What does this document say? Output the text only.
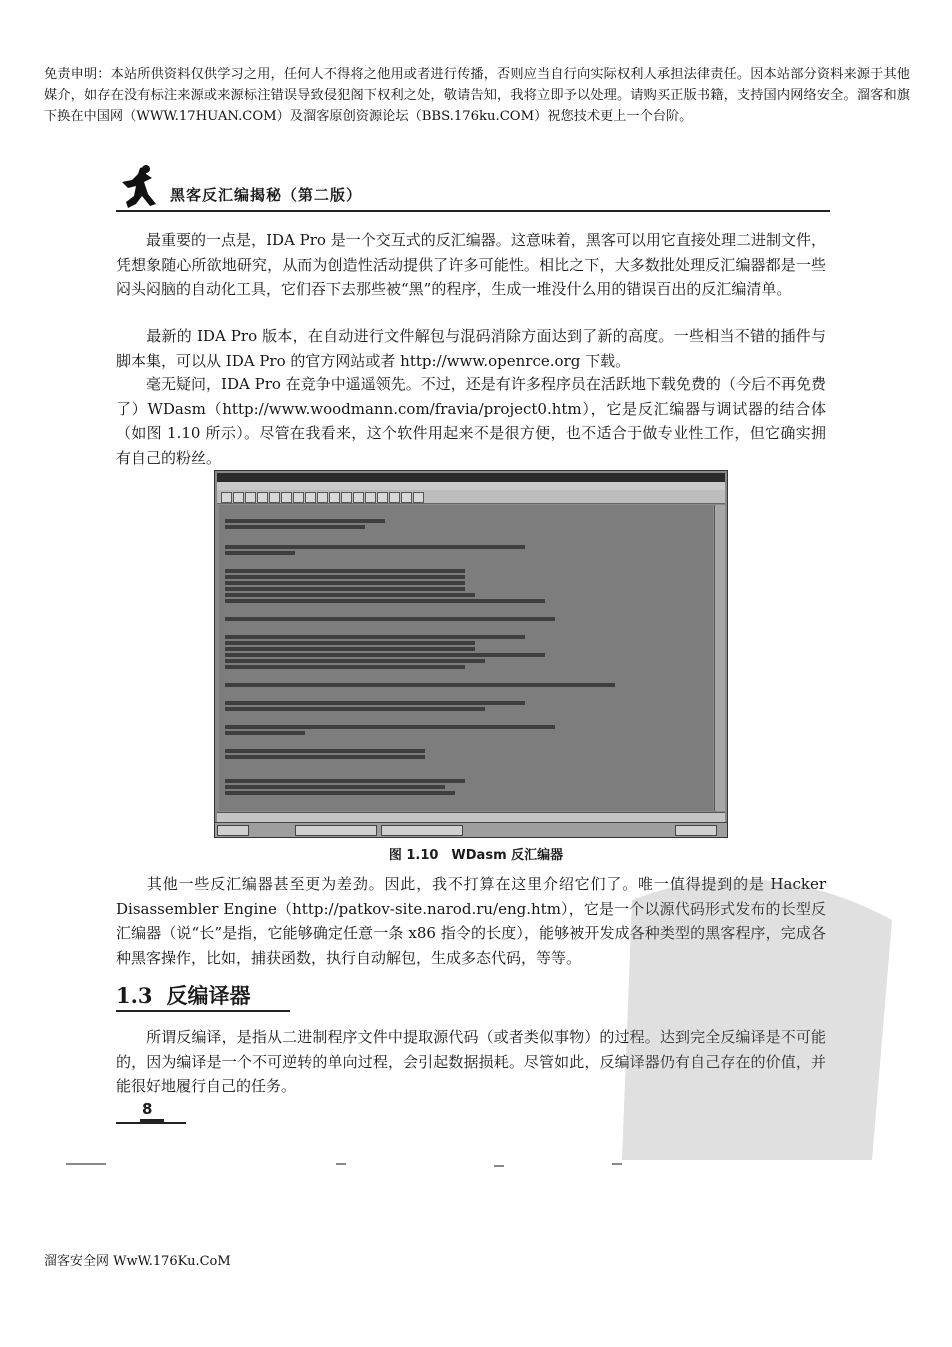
免责申明：本站所供资料仅供学习之用，任何人不得将之他用或者进行传播，否则应当自行向实际权利人承担法律责任。因本站部分资料来源于其他媒介，如存在没有标注来源或来源标注错误导致侵犯阁下权利之处，敬请告知，我将立即予以处理。请购买正版书籍，支持国内网络安全。溜客和旗下换在中国网（WWW.17HUAN.COM）及溜客原创资源论坛（BBS.176ku.COM）祝您技术更上一个台阶。
黑客反汇编揭秘（第二版）
最重要的一点是，IDA Pro 是一个交互式的反汇编器。这意味着，黑客可以用它直接处理二进制文件，凭想象随心所欲地研究，从而为创造性活动提供了许多可能性。相比之下，大多数批处理反汇编器都是一些闷头闷脑的自动化工具，它们吞下去那些被“黑”的程序，生成一堆没什么用的错误百出的反汇编清单。
最新的 IDA Pro 版本，在自动进行文件解包与混码消除方面达到了新的高度。一些相当不错的插件与脚本集，可以从 IDA Pro 的官方网站或者 http://www.openrce.org 下载。
毫无疑问，IDA Pro 在竞争中遥遥领先。不过，还是有许多程序员在活跃地下载免费的（今后不再免费了）WDasm（http://www.woodmann.com/fravia/project0.htm），它是反汇编器与调试器的结合体（如图 1.10 所示）。尽管在我看来，这个软件用起来不是很方便，也不适合于做专业性工作，但它确实拥有自己的粉丝。
图 1.10　WDasm 反汇编器
其他一些反汇编器甚至更为差劲。因此，我不打算在这里介绍它们了。唯一值得提到的是 Hacker Disassembler Engine（http://patkov-site.narod.ru/eng.htm），它是一个以源代码形式发布的长型反汇编器（说“长”是指，它能够确定任意一条 x86 指令的长度），能够被开发成各种类型的黑客程序，完成各种黑客操作，比如，捕获函数，执行自动解包，生成多态代码，等等。
1.3 反编译器
所谓反编译，是指从二进制程序文件中提取源代码（或者类似事物）的过程。达到完全反编译是不可能的，因为编译是一个不可逆转的单向过程，会引起数据损耗。尽管如此，反编译器仍有自己存在的价值，并能很好地履行自己的任务。
8
溜客安全网 WwW.176Ku.CoM
